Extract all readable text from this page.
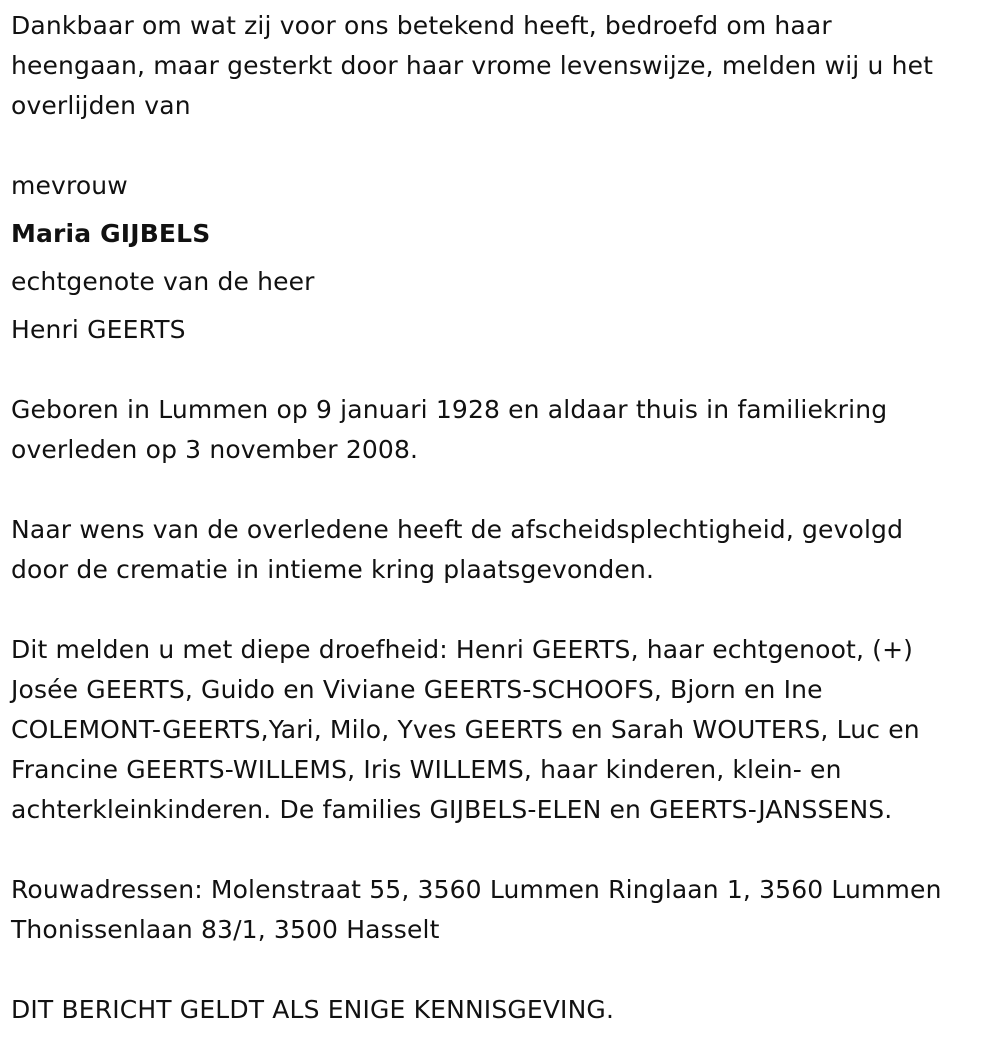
Dankbaar om wat zij voor ons betekend heeft, bedroefd om haar
heengaan, maar gesterkt door haar vrome levenswijze, melden wij u het
overlijden van
mevrouw
Maria GIJBELS
echtgenote van de heer
Henri GEERTS
Geboren in Lummen op 9 januari 1928 en aldaar thuis in familiekring
overleden op 3 november 2008.
Naar wens van de overledene heeft de afscheidsplechtigheid, gevolgd
door de crematie in intieme kring plaatsgevonden.
Dit melden u met diepe droefheid: Henri GEERTS, haar echtgenoot, (+)
Josée GEERTS, Guido en Viviane GEERTS-SCHOOFS, Bjorn en Ine
COLEMONT-GEERTS,Yari, Milo, Yves GEERTS en Sarah WOUTERS, Luc en
Francine GEERTS-WILLEMS, Iris WILLEMS, haar kinderen, klein- en
achterkleinkinderen. De families GIJBELS-ELEN en GEERTS-JANSSENS.
Rouwadressen: Molenstraat 55, 3560 Lummen Ringlaan 1, 3560 Lummen
Thonissenlaan 83/1, 3500 Hasselt
DIT BERICHT GELDT ALS ENIGE KENNISGEVING.
